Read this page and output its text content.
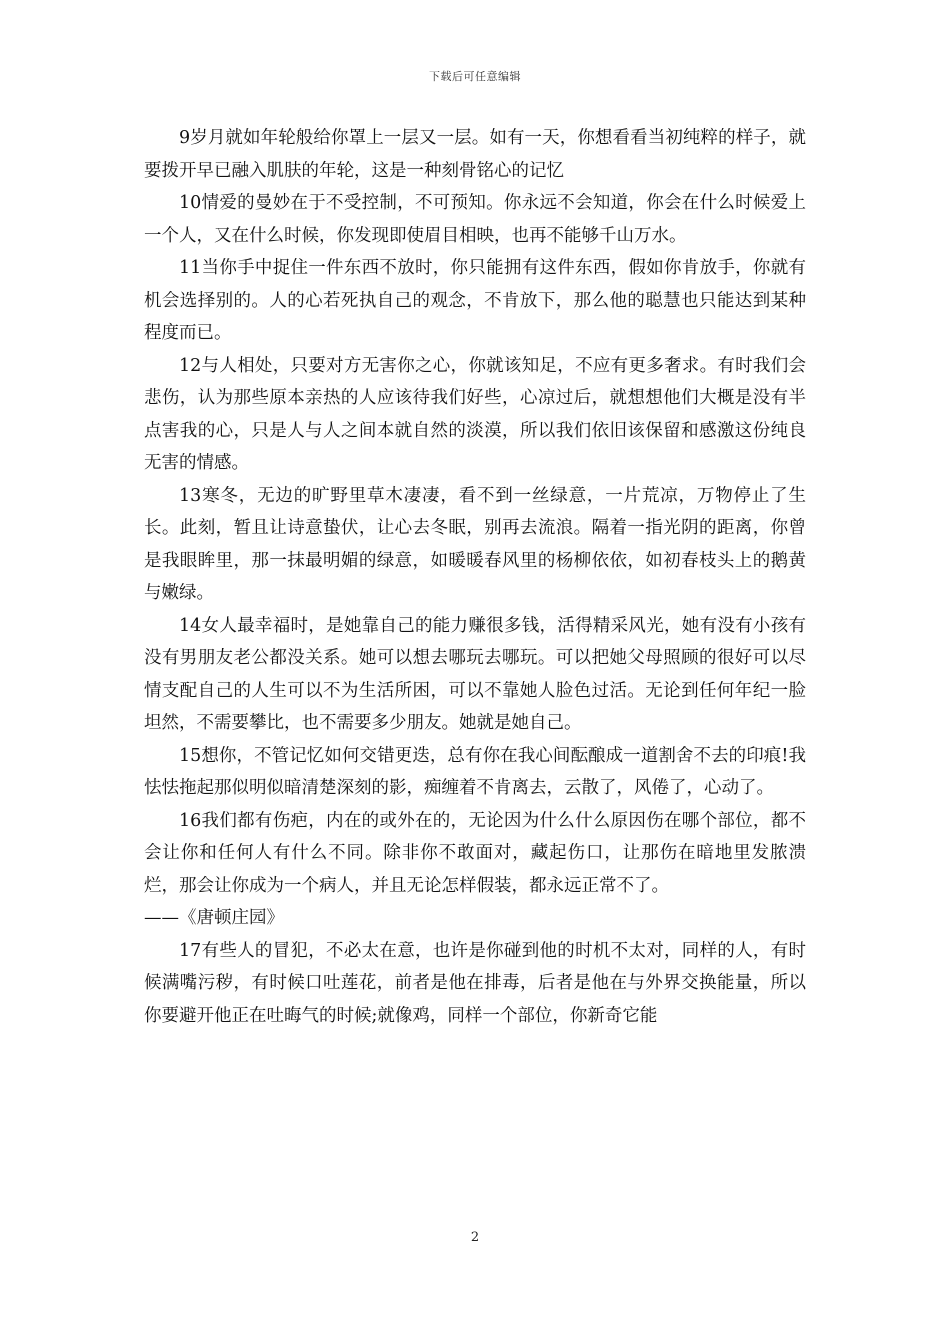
下载后可任意编辑

9岁月就如年轮般给你罩上一层又一层。如有一天，你想看看当初纯粹的样子，就要拨开早已融入肌肤的年轮，这是一种刻骨铭心的记忆

10情爱的曼妙在于不受控制，不可预知。你永远不会知道，你会在什么时候爱上一个人，又在什么时候，你发现即使眉目相映，也再不能够千山万水。

11当你手中捉住一件东西不放时，你只能拥有这件东西，假如你肯放手，你就有机会选择别的。人的心若死执自己的观念，不肯放下，那么他的聪慧也只能达到某种程度而已。

12与人相处，只要对方无害你之心，你就该知足，不应有更多奢求。有时我们会悲伤，认为那些原本亲热的人应该待我们好些，心凉过后，就想想他们大概是没有半点害我的心，只是人与人之间本就自然的淡漠，所以我们依旧该保留和感激这份纯良无害的情感。

13寒冬，无边的旷野里草木凄凄，看不到一丝绿意，一片荒凉，万物停止了生长。此刻，暂且让诗意蛰伏，让心去冬眠，别再去流浪。隔着一指光阴的距离，你曾是我眼眸里，那一抹最明媚的绿意，如暖暖春风里的杨柳依依，如初春枝头上的鹅黄与嫩绿。

14女人最幸福时，是她靠自己的能力赚很多钱，活得精采风光，她有没有小孩有没有男朋友老公都没关系。她可以想去哪玩去哪玩。可以把她父母照顾的很好可以尽情支配自己的人生可以不为生活所困，可以不靠她人脸色过活。无论到任何年纪一脸坦然，不需要攀比，也不需要多少朋友。她就是她自己。

15想你，不管记忆如何交错更迭，总有你在我心间酝酿成一道割舍不去的印痕!我怯怯拖起那似明似暗清楚深刻的影，痴缠着不肯离去，云散了，风倦了，心动了。

16我们都有伤疤，内在的或外在的，无论因为什么什么原因伤在哪个部位，都不会让你和任何人有什么不同。除非你不敢面对，藏起伤口，让那伤在暗地里发脓溃烂，那会让你成为一个病人，并且无论怎样假装，都永远正常不了。

——《唐顿庄园》

17有些人的冒犯，不必太在意，也许是你碰到他的时机不太对，同样的人，有时候满嘴污秽，有时候口吐莲花，前者是他在排毒，后者是他在与外界交换能量，所以你要避开他正在吐晦气的时候;就像鸡，同样一个部位，你新奇它能

2
